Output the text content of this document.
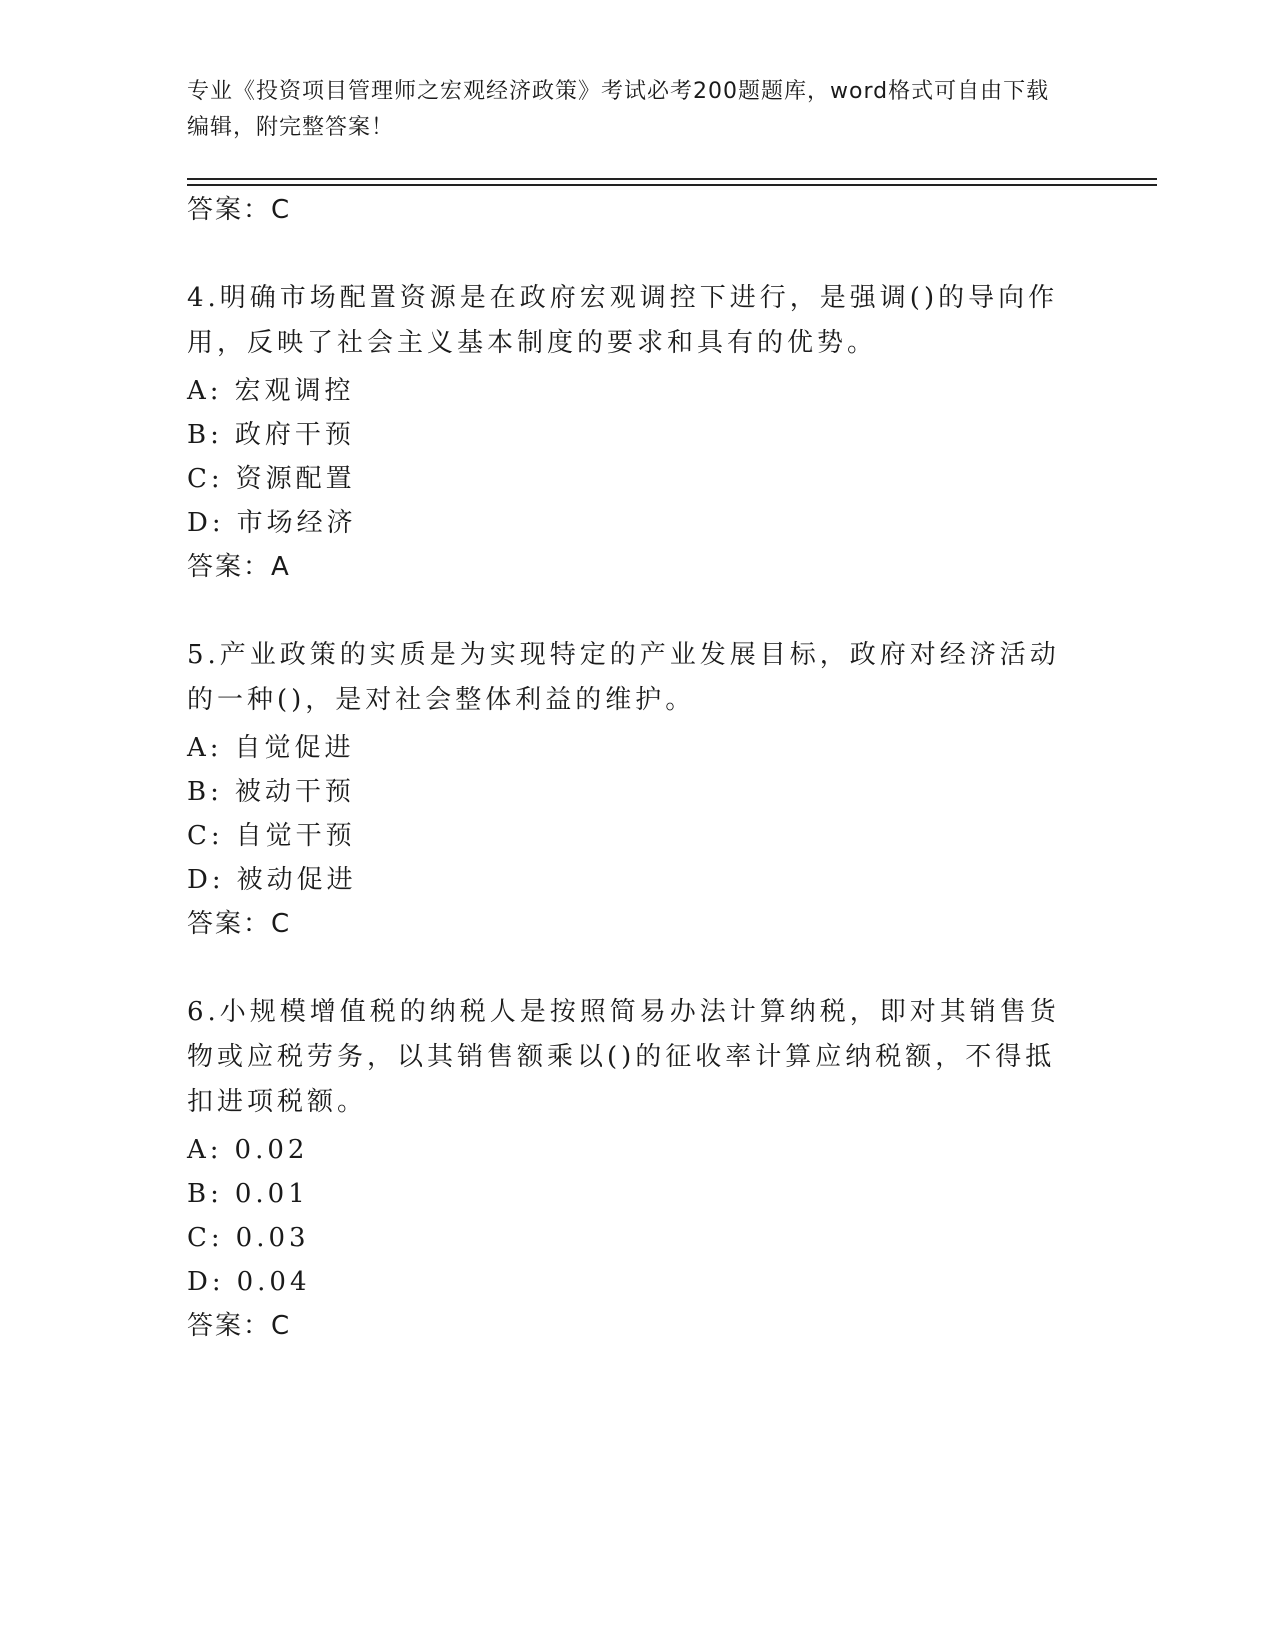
专业《投资项目管理师之宏观经济政策》考试必考200题题库，word格式可自由下载编辑，附完整答案！
答案：C
4.明确市场配置资源是在政府宏观调控下进行，是强调()的导向作用，反映了社会主义基本制度的要求和具有的优势。
A: 宏观调控
B: 政府干预
C: 资源配置
D: 市场经济
答案：A
5.产业政策的实质是为实现特定的产业发展目标，政府对经济活动的一种()，是对社会整体利益的维护。
A: 自觉促进
B: 被动干预
C: 自觉干预
D: 被动促进
答案：C
6.小规模增值税的纳税人是按照简易办法计算纳税，即对其销售货物或应税劳务，以其销售额乘以()的征收率计算应纳税额，不得抵扣进项税额。
A: 0.02
B: 0.01
C: 0.03
D: 0.04
答案：C
